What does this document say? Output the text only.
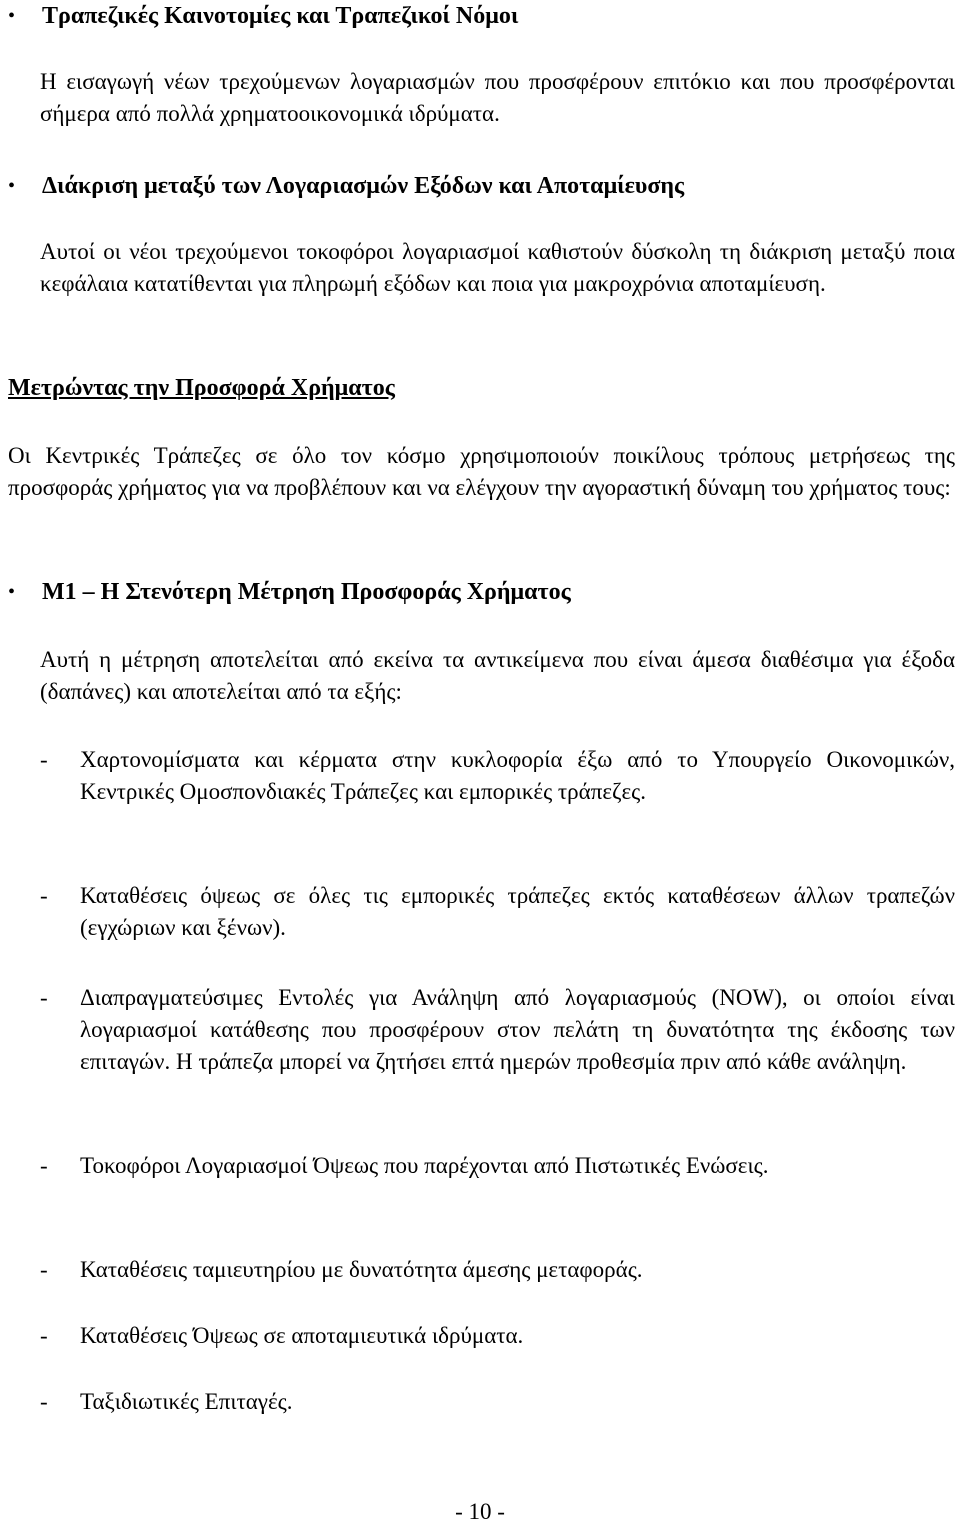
•	Τραπεζικές Καινοτομίες και Τραπεζικοί Νόμοι
Η εισαγωγή νέων τρεχούμενων λογαριασμών που προσφέρουν επιτόκιο και που προσφέρονται σήμερα από πολλά χρηματοοικονομικά ιδρύματα.
•	Διάκριση μεταξύ των Λογαριασμών Εξόδων και Αποταμίευσης
Αυτοί οι νέοι τρεχούμενοι τοκοφόροι λογαριασμοί καθιστούν δύσκολη τη διάκριση μεταξύ ποια κεφάλαια κατατίθενται για πληρωμή εξόδων και ποια για μακροχρόνια αποταμίευση.
Μετρώντας την Προσφορά Χρήματος
Οι Κεντρικές Τράπεζες σε όλο τον κόσμο χρησιμοποιούν ποικίλους τρόπους μετρήσεως της προσφοράς χρήματος για να προβλέπουν και να ελέγχουν την αγοραστική δύναμη του χρήματος τους:
•	Μ1 – Η Στενότερη Μέτρηση Προσφοράς Χρήματος
Αυτή η μέτρηση αποτελείται από εκείνα τα αντικείμενα που είναι άμεσα διαθέσιμα για έξοδα (δαπάνες) και αποτελείται από τα εξής:
- Χαρτονομίσματα και κέρματα στην κυκλοφορία έξω από το Υπουργείο Οικονομικών, Κεντρικές Ομοσπονδιακές Τράπεζες και εμπορικές τράπεζες.
- Καταθέσεις όψεως σε όλες τις εμπορικές τράπεζες εκτός καταθέσεων άλλων τραπεζών (εγχώριων και ξένων).
- Διαπραγματεύσιμες Εντολές για Ανάληψη από λογαριασμούς (NOW), οι οποίοι είναι λογαριασμοί κατάθεσης που προσφέρουν στον πελάτη τη δυνατότητα της έκδοσης των επιταγών. Η τράπεζα μπορεί να ζητήσει επτά ημερών προθεσμία πριν από κάθε ανάληψη.
- Τοκοφόροι Λογαριασμοί Όψεως που παρέχονται από Πιστωτικές Ενώσεις.
- Καταθέσεις ταμιευτηρίου με δυνατότητα άμεσης μεταφοράς.
- Καταθέσεις Όψεως σε αποταμιευτικά ιδρύματα.
- Ταξιδιωτικές Επιταγές.
- 10 -
